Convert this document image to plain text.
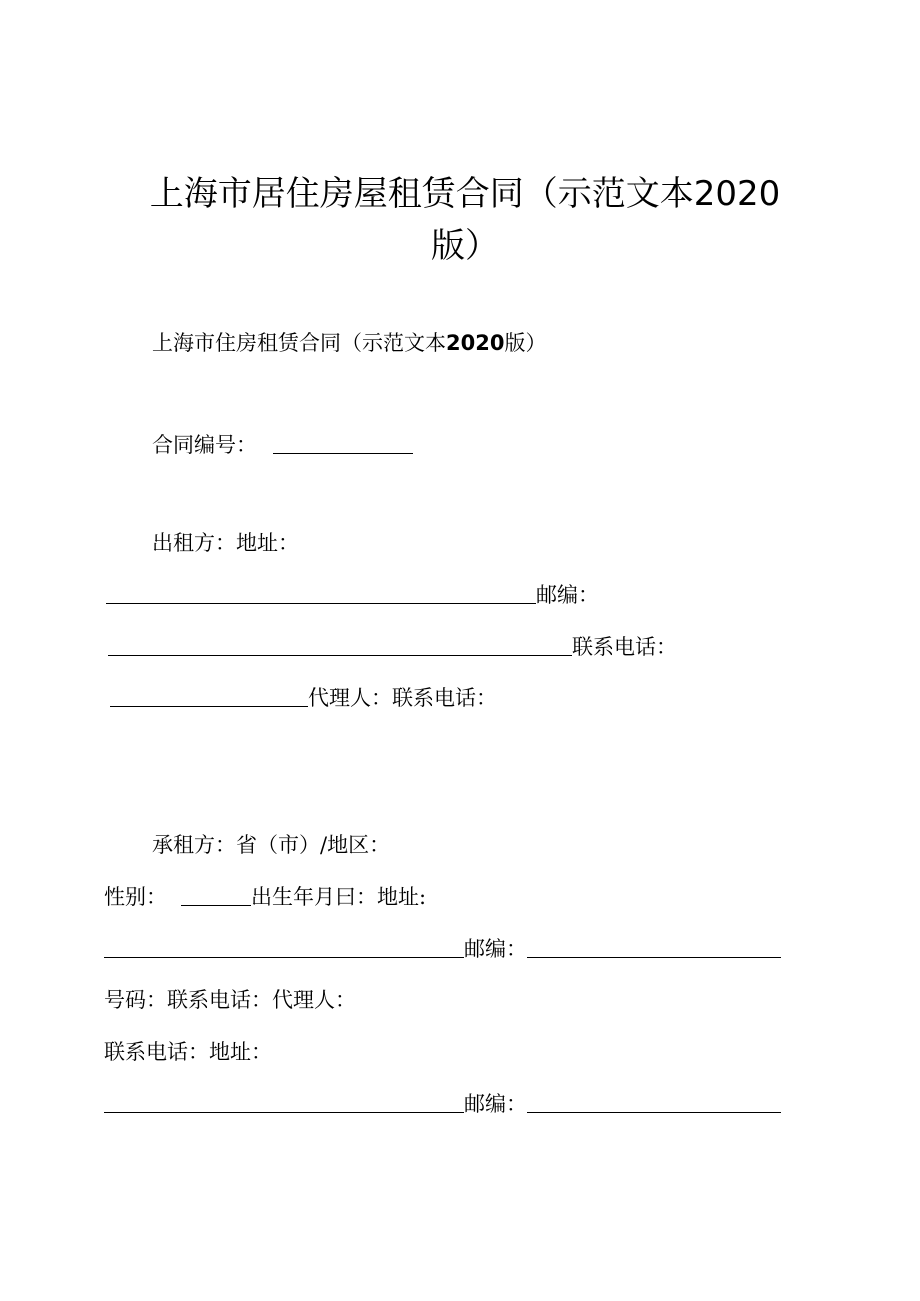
上海市居住房屋租赁合同（示范文本2020
版）
上海市住房租赁合同（示范文本 2020 版）
合同编号：
出租方：地址：
邮编：
联系电话：
代理人：联系电话：
承租方：省（市）/地区：
性别：	出生年月曰：地址:
邮编：
号码：联系电话：代理人：
联系电话：地址：
邮编：
